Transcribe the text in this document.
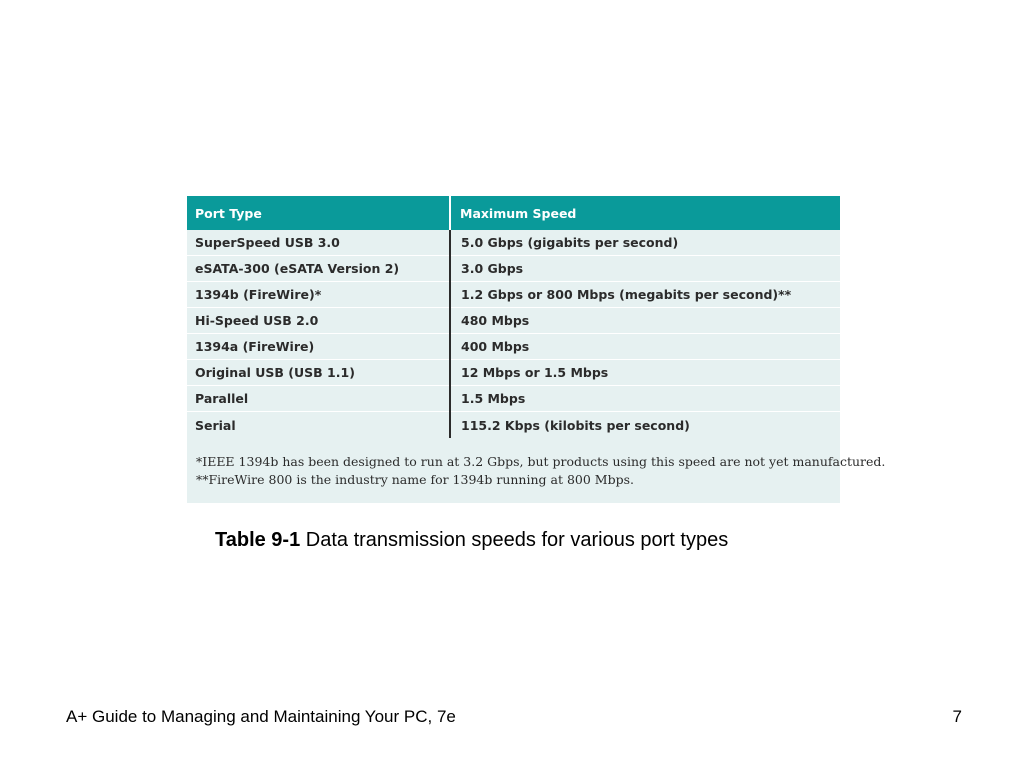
Port Type	Maximum Speed
SuperSpeed USB 3.0	5.0 Gbps (gigabits per second)
eSATA-300 (eSATA Version 2)	3.0 Gbps
1394b (FireWire)*	1.2 Gbps or 800 Mbps (megabits per second)**
Hi-Speed USB 2.0	480 Mbps
1394a (FireWire)	400 Mbps
Original USB (USB 1.1)	12 Mbps or 1.5 Mbps
Parallel	1.5 Mbps
Serial	115.2 Kbps (kilobits per second)
*IEEE 1394b has been designed to run at 3.2 Gbps, but products using this speed are not yet manufactured.
**FireWire 800 is the industry name for 1394b running at 800 Mbps.
Table 9-1 Data transmission speeds for various port types
A+ Guide to Managing and Maintaining Your PC, 7e	7
